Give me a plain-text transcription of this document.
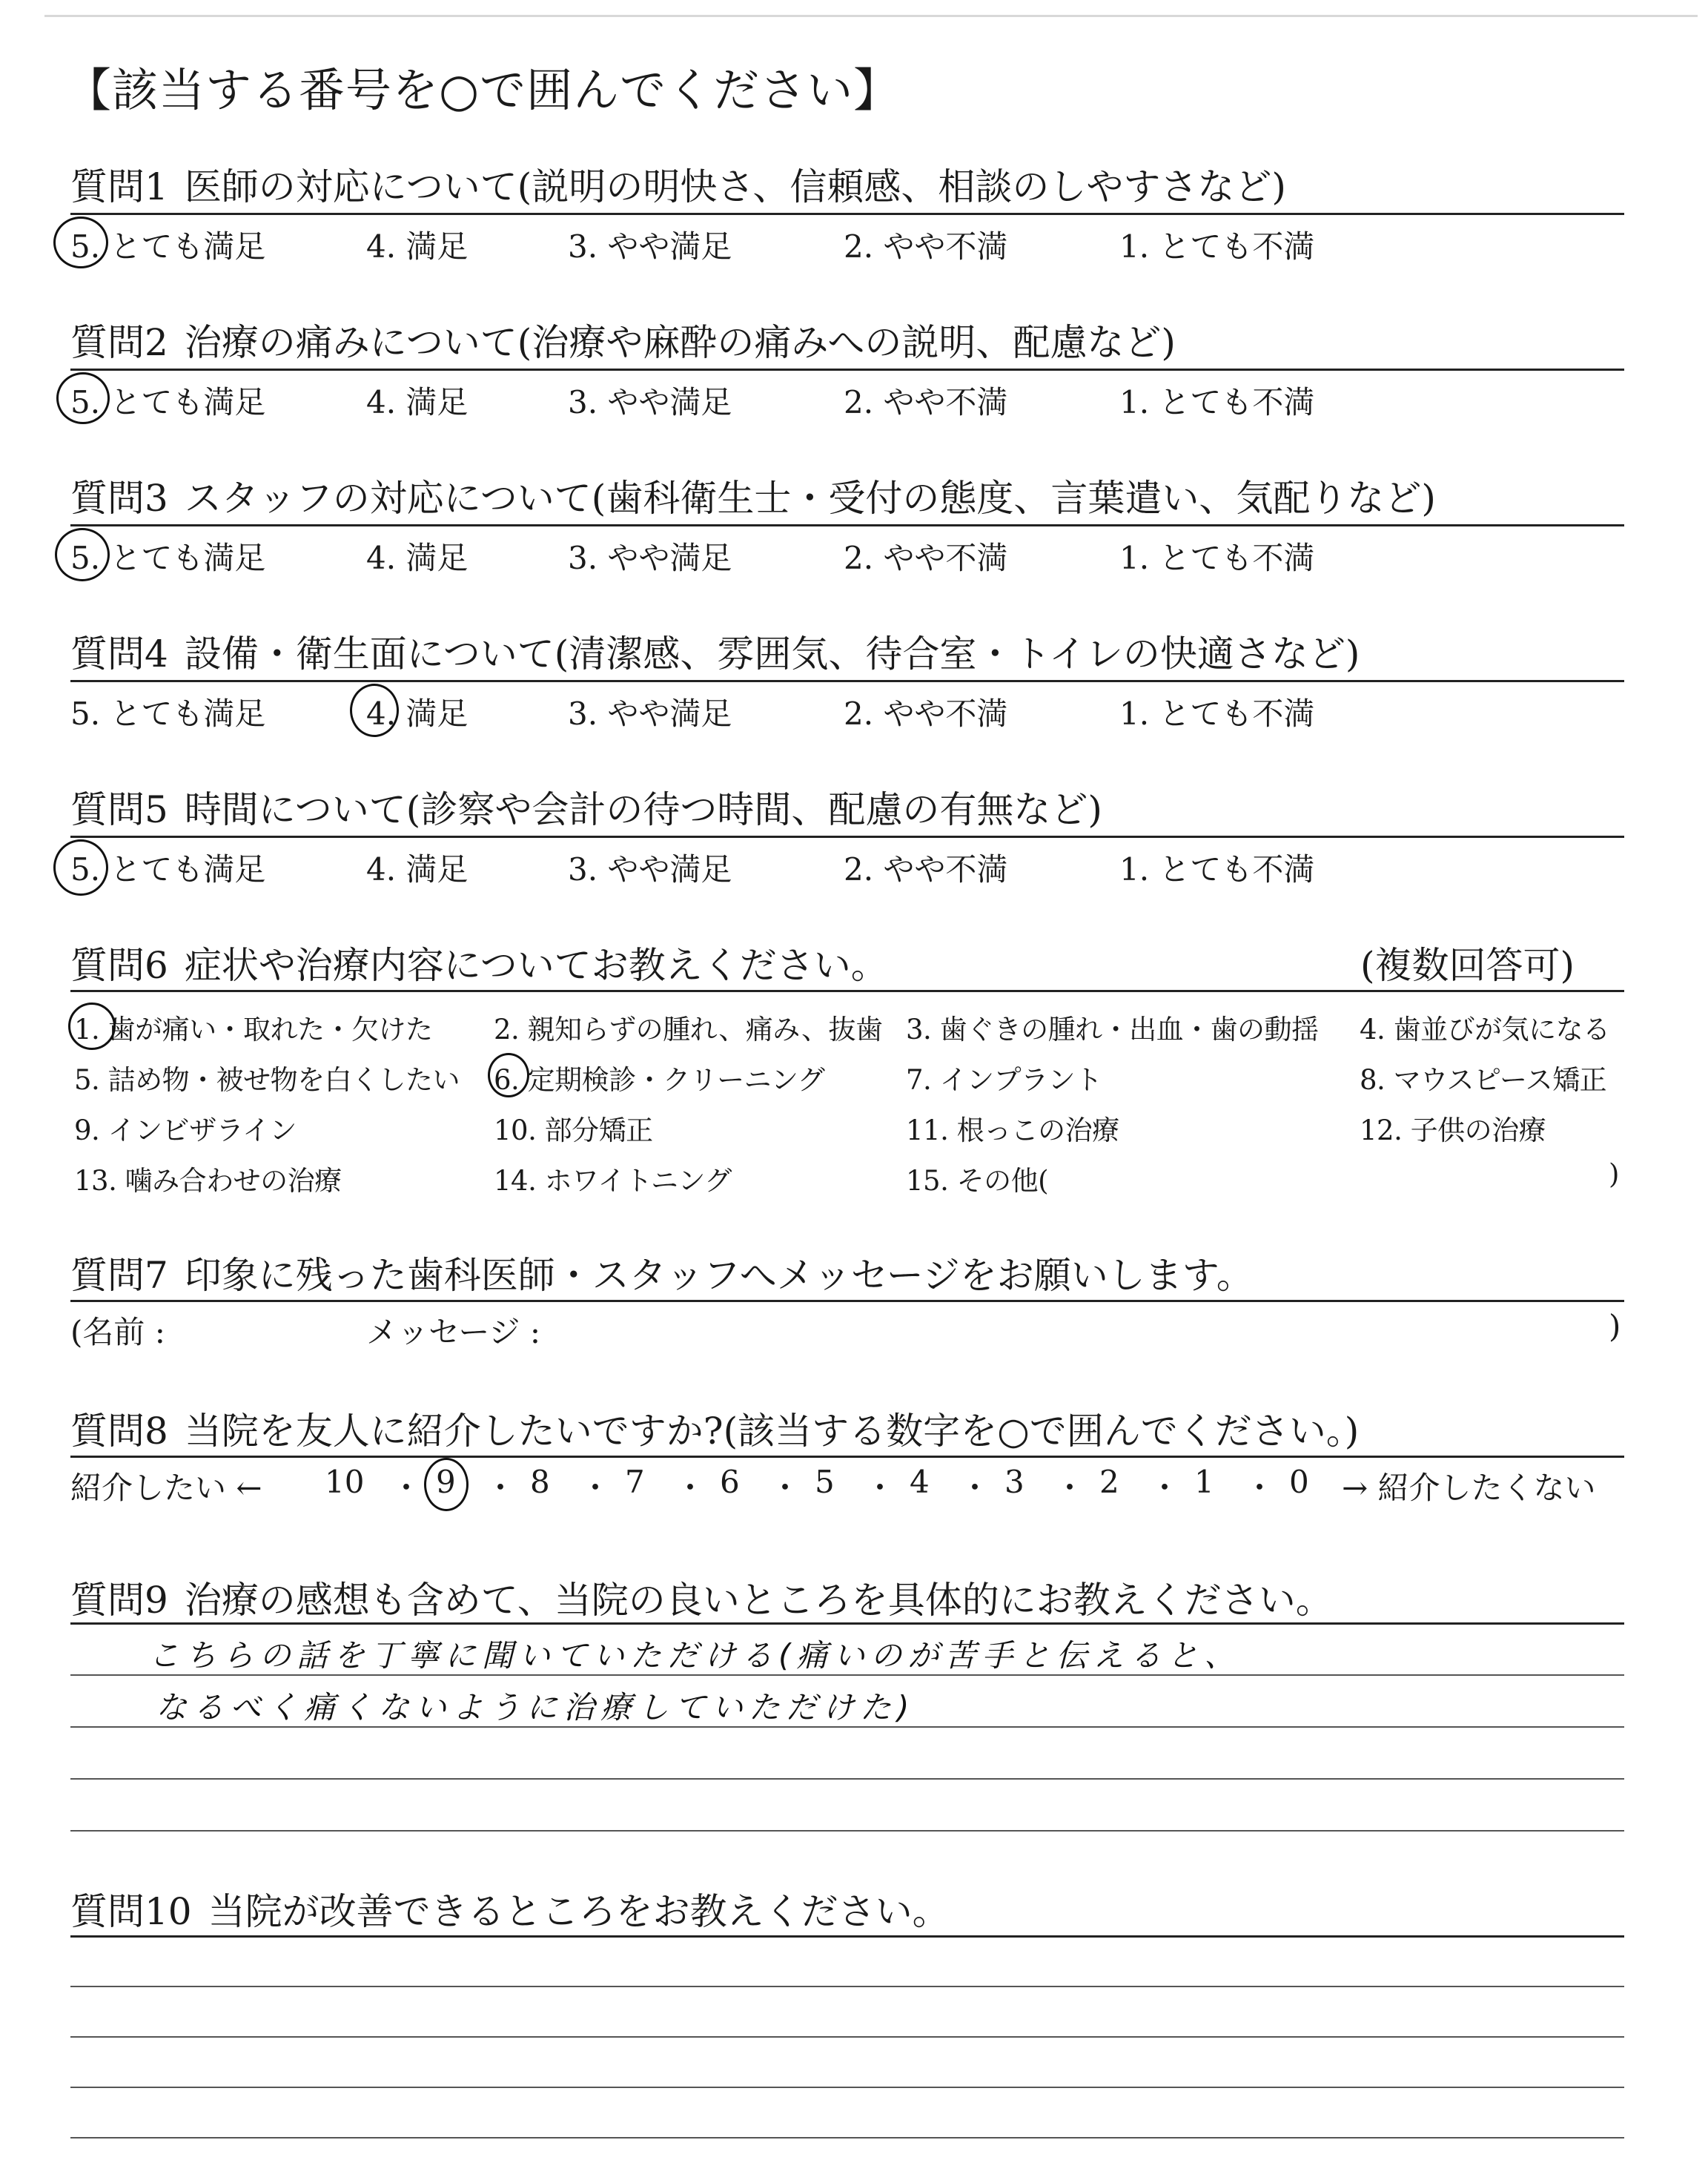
【該当する番号を○で囲んでください】
質問1 医師の対応について(説明の明快さ、信頼感、相談のしやすさなど)
5. とても満足	4. 満足	3. やや満足	2. やや不満	1. とても不満
質問2 治療の痛みについて(治療や麻酔の痛みへの説明、配慮など)
5. とても満足	4. 満足	3. やや満足	2. やや不満	1. とても不満
質問3 スタッフの対応について(歯科衛生士・受付の態度、言葉遣い、気配りなど)
5. とても満足	4. 満足	3. やや満足	2. やや不満	1. とても不満
質問4 設備・衛生面について(清潔感、雰囲気、待合室・トイレの快適さなど)
5. とても満足	4. 満足	3. やや満足	2. やや不満	1. とても不満
質問5 時間について(診察や会計の待つ時間、配慮の有無など)
5. とても満足	4. 満足	3. やや満足	2. やや不満	1. とても不満
質問6 症状や治療内容についてお教えください。	(複数回答可)
1. 歯が痛い・取れた・欠けた 2. 親知らずの腫れ、痛み、抜歯 3. 歯ぐきの腫れ・出血・歯の動揺 4. 歯並びが気になる
5. 詰め物・被せ物を白くしたい 6. 定期検診・クリーニング	7. インプラント	8. マウスピース矯正
9. インビザライン	10. 部分矯正	11. 根っこの治療	12. 子供の治療
13. 噛み合わせの治療	14. ホワイトニング	15. その他(	)
質問7 印象に残った歯科医師・スタッフへメッセージをお願いします。
(名前 :	メッセージ :	)
質問8 当院を友人に紹介したいですか?(該当する数字を○で囲んでください。)
紹介したい ←	→ 紹介したくない
10 ・ 9 ・ 8 ・ 7 ・ 6 ・ 5 ・ 4 ・ 3 ・ 2 ・ 1 ・ 0
質問9 治療の感想も含めて、当院の良いところを具体的にお教えください。
こちらの話を丁寧に聞いていただける(痛いのが苦手と伝えると、
なるべく痛くないように治療していただけた)
質問10 当院が改善できるところをお教えください。
